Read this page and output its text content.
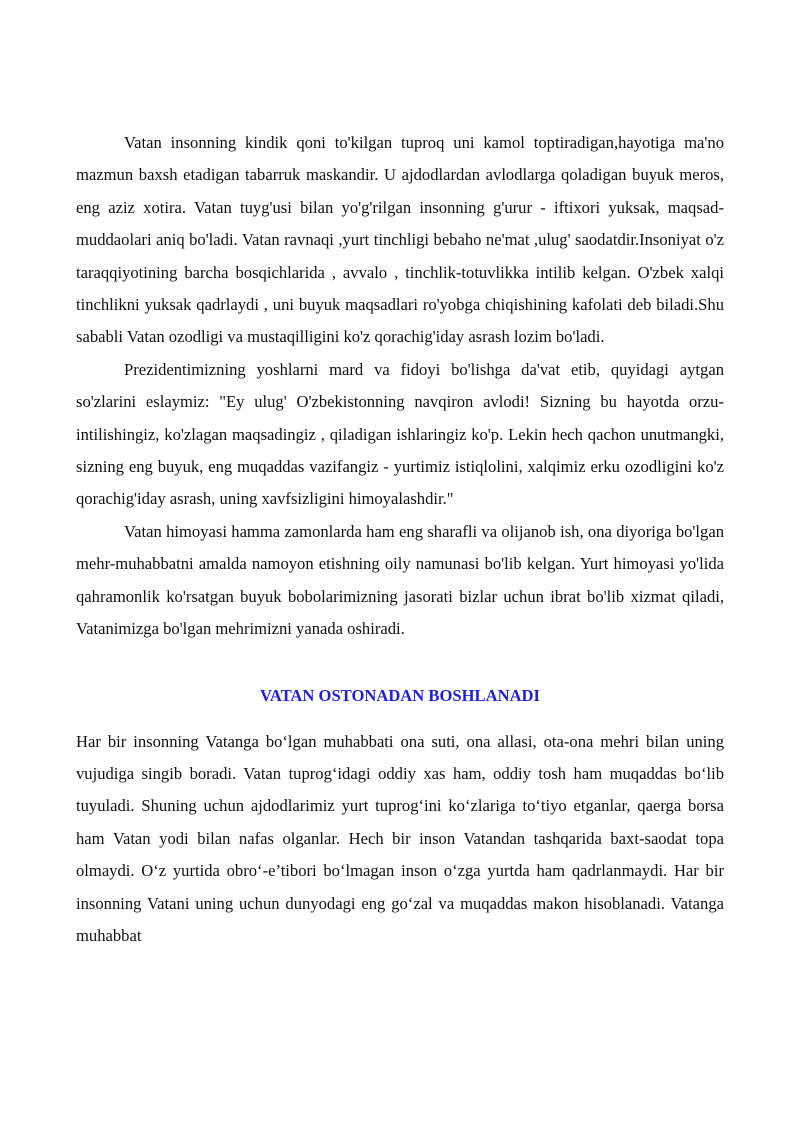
Vatan insonning kindik qoni to'kilgan tuproq uni kamol toptiradigan,hayotiga ma'no mazmun baxsh etadigan tabarruk maskandir. U ajdodlardan avlodlarga qoladigan buyuk meros, eng aziz xotira. Vatan tuyg'usi bilan yo'g'rilgan insonning g'urur - iftixori yuksak, maqsad-muddaolari aniq bo'ladi. Vatan ravnaqi ,yurt tinchligi bebaho ne'mat ,ulug' saodatdir.Insoniyat o'z taraqqiyotining barcha bosqichlarida , avvalo , tinchlik-totuvlikka intilib kelgan. O'zbek xalqi tinchlikni yuksak qadrlaydi , uni buyuk maqsadlari ro'yobga chiqishining kafolati deb biladi.Shu sababli Vatan ozodligi va mustaqilligini ko'z qorachig'iday asrash lozim bo'ladi.

Prezidentimizning yoshlarni mard va fidoyi bo'lishga da'vat etib, quyidagi aytgan so'zlarini eslaymiz: "Ey ulug' O'zbekistonning navqiron avlodi! Sizning bu hayotda orzu-intilishingiz, ko'zlagan maqsadingiz , qiladigan ishlaringiz ko'p. Lekin hech qachon unutmangki, sizning eng buyuk, eng muqaddas vazifangiz - yurtimiz istiqlolini, xalqimiz erku ozodligini ko'z qorachig'iday asrash, uning xavfsizligini himoyalashdir."

Vatan himoyasi hamma zamonlarda ham eng sharafli va olijanob ish, ona diyoriga bo'lgan mehr-muhabbatni amalda namoyon etishning oily namunasi bo'lib kelgan. Yurt himoyasi yo'lida qahramonlik ko'rsatgan buyuk bobolarimizning jasorati bizlar uchun ibrat bo'lib xizmat qiladi, Vatanimizga bo'lgan mehrimizni yanada oshiradi.

VATAN OSTONADAN BOSHLANADI

Har bir insonning Vatanga bo‘lgan muhabbati ona suti, ona allasi, ota-ona mehri bilan uning vujudiga singib boradi. Vatan tuprog‘idagi oddiy xas ham, oddiy tosh ham muqaddas bo‘lib tuyuladi. Shuning uchun ajdodlarimiz yurt tuprog‘ini ko‘zlariga to‘tiyo etganlar, qaerga borsa ham Vatan yodi bilan nafas olganlar. Hech bir inson Vatandan tashqarida baxt-saodat topa olmaydi. O‘z yurtida obro‘-e’tibori bo‘lmagan inson o‘zga yurtda ham qadrlanmaydi. Har bir insonning Vatani uning uchun dunyodagi eng go‘zal va muqaddas makon hisoblanadi. Vatanga muhabbat
